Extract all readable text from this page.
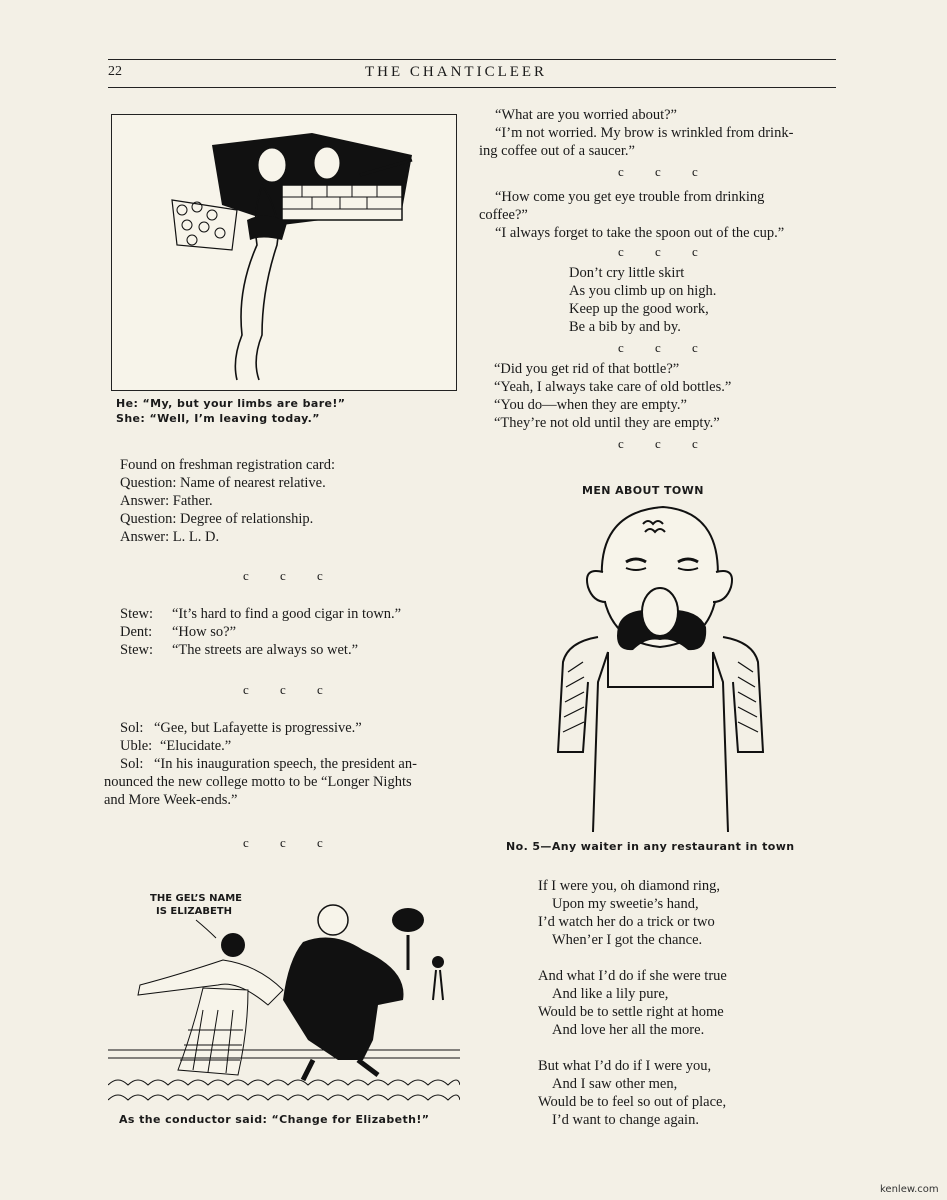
22	THE CHANTICLEER
He: “My, but your limbs are bare!”
She: “Well, I’m leaving today.”
Found on freshman registration card:
Question: Name of nearest relative.
Answer: Father.
Question: Degree of relationship.
Answer: L. L. D.
c c c
Stew: “It’s hard to find a good cigar in town.”
Dent: “How so?”
Stew: “The streets are always so wet.”
c c c
Sol: “Gee, but Lafayette is progressive.”
Uble: “Elucidate.”
Sol: “In his inauguration speech, the president an-
nounced the new college motto to be “Longer Nights
and More Week-ends.”
c c c
THE GEL’S NAME
IS ELIZABETH
As the conductor said: “Change for Elizabeth!”
“What are you worried about?”
“I’m not worried. My brow is wrinkled from drink-
ing coffee out of a saucer.”
c c c
“How come you get eye trouble from drinking
coffee?”
“I always forget to take the spoon out of the cup.”
c c c
Don’t cry little skirt
As you climb up on high.
Keep up the good work,
Be a bib by and by.
c c c
“Did you get rid of that bottle?”
“Yeah, I always take care of old bottles.”
“You do—when they are empty.”
“They’re not old until they are empty.”
c c c
MEN ABOUT TOWN
No. 5—Any waiter in any restaurant in town
If I were you, oh diamond ring,
Upon my sweetie’s hand,
I’d watch her do a trick or two
When’er I got the chance.
And what I’d do if she were true
And like a lily pure,
Would be to settle right at home
And love her all the more.
But what I’d do if I were you,
And I saw other men,
Would be to feel so out of place,
I’d want to change again.
kenlew.com
